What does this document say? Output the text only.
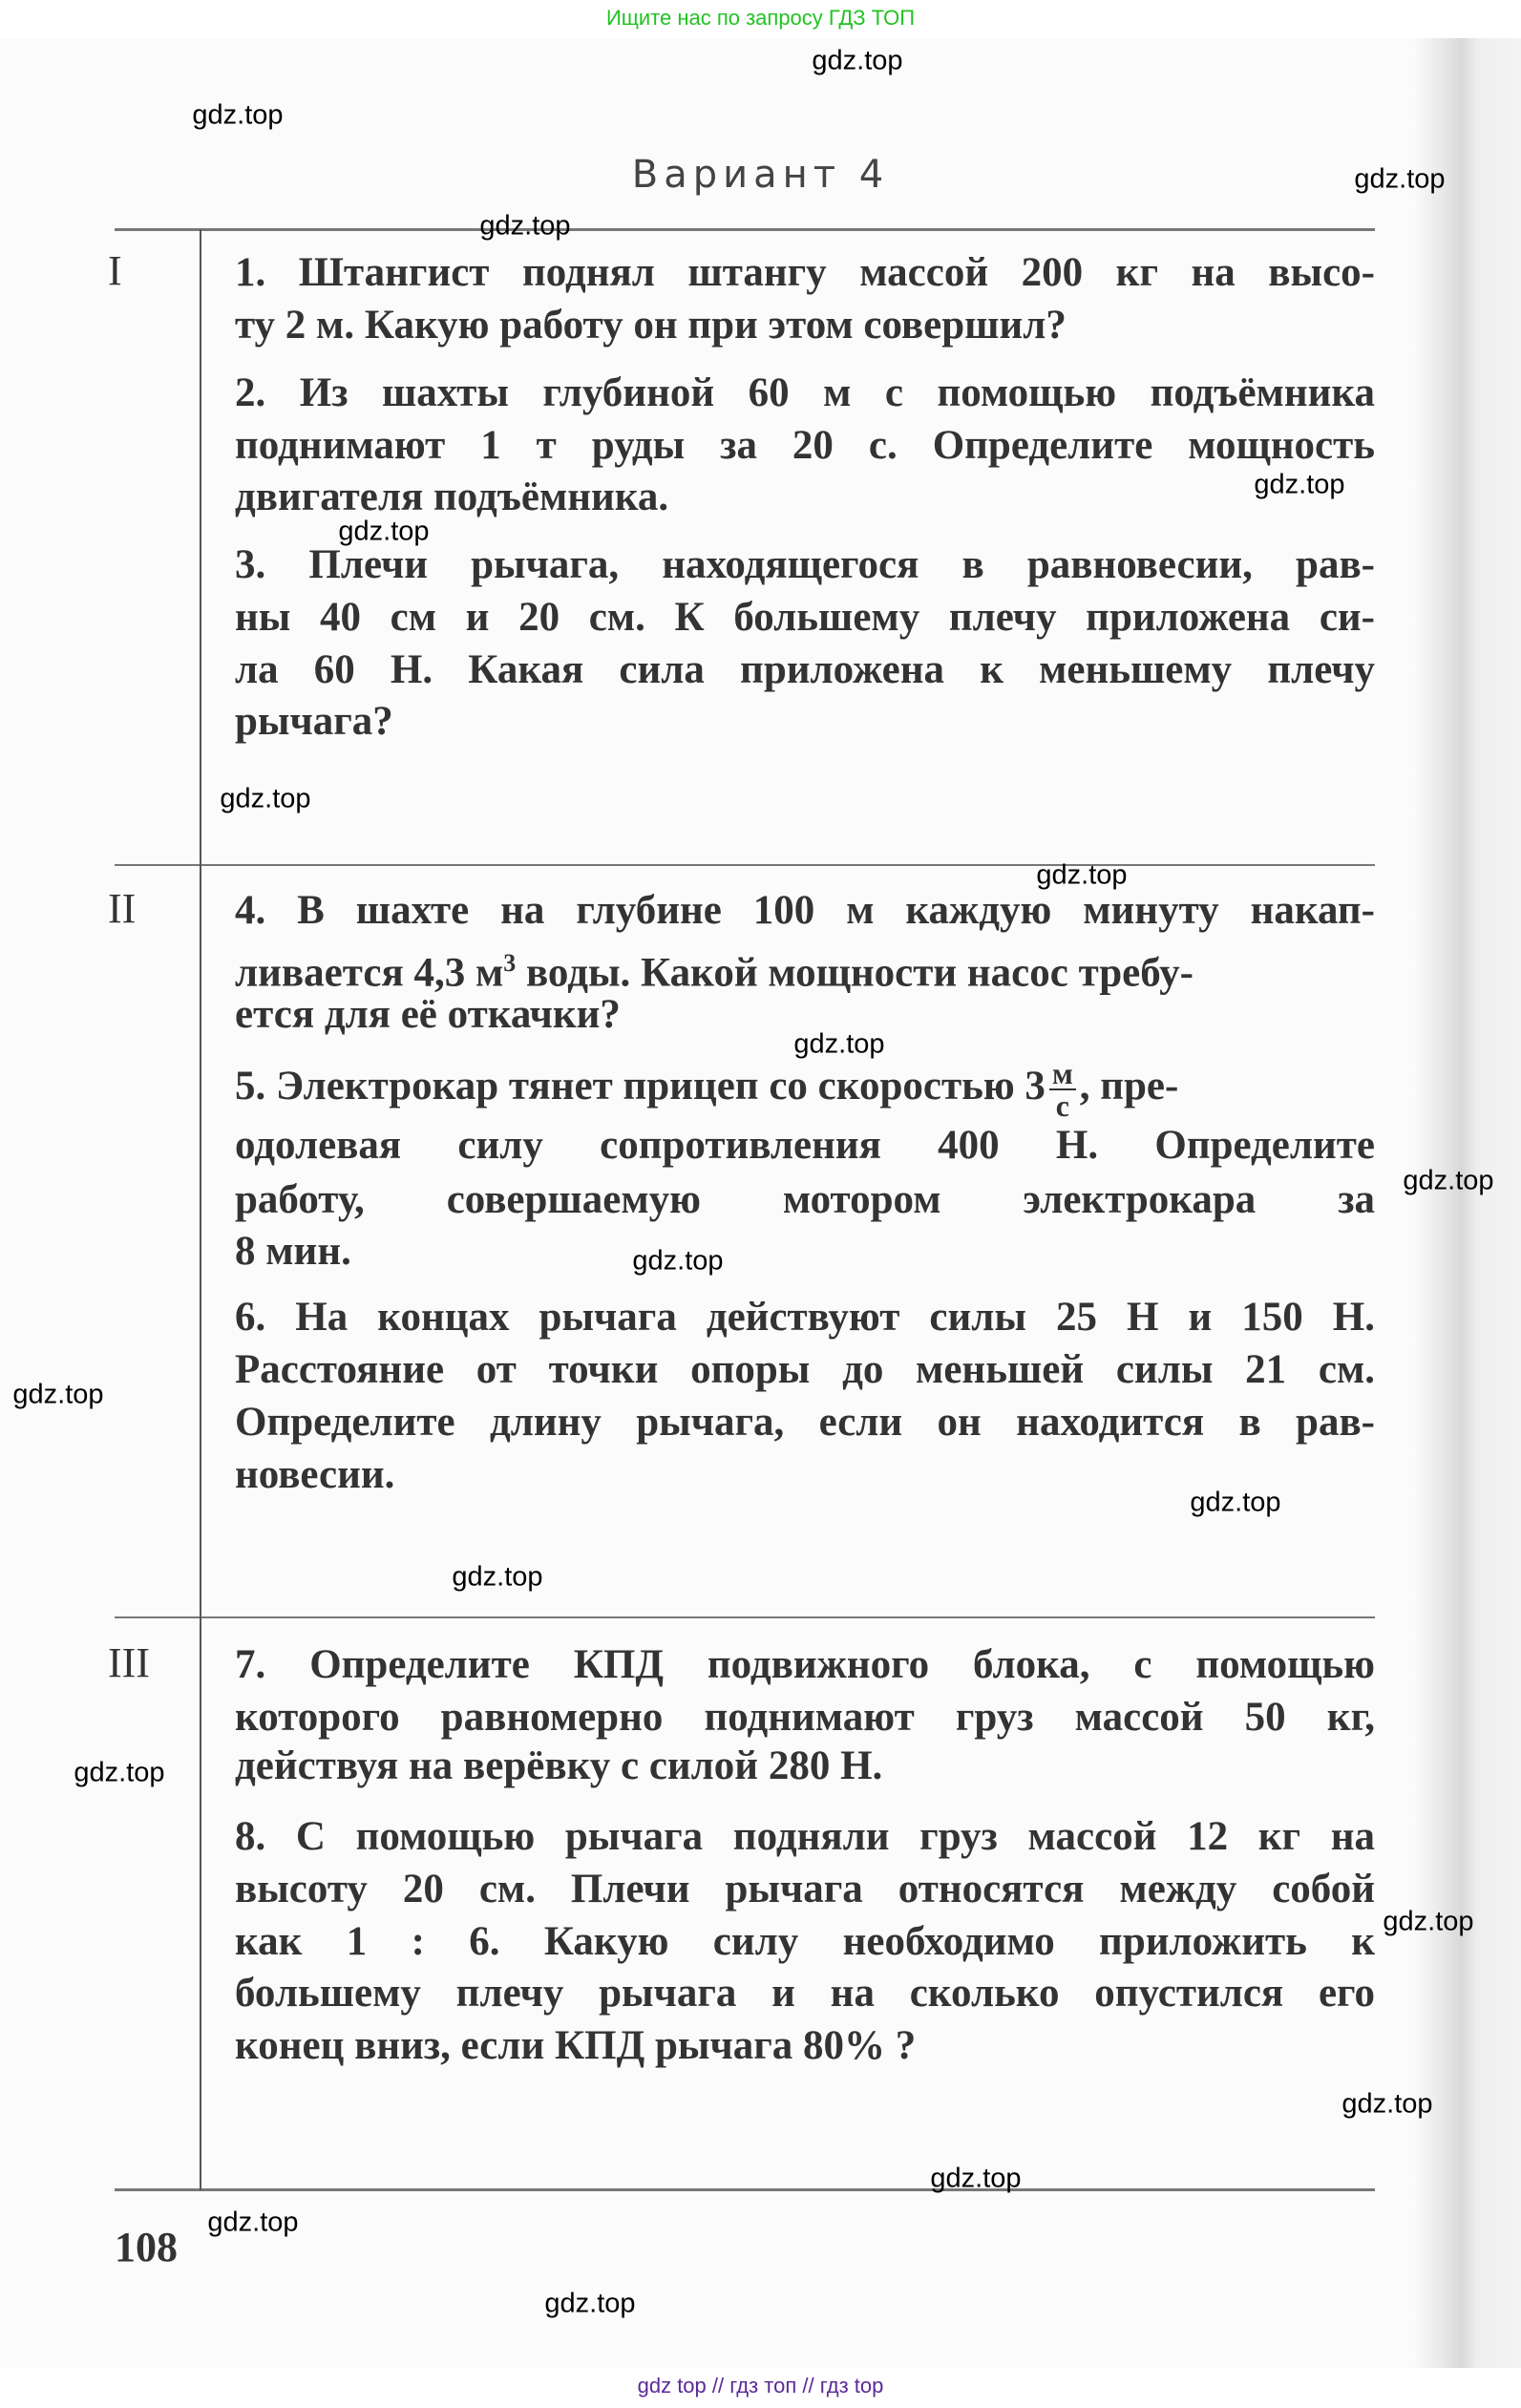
Ищите нас по запросу ГДЗ ТОП
Вариант 4
I
II
III
1. Штангист поднял штангу массой 200 кг на высо-
ту 2 м. Какую работу он при этом совершил?
2. Из шахты глубиной 60 м с помощью подъёмника
поднимают 1 т руды за 20 с. Определите мощность
двигателя подъёмника.
3. Плечи рычага, находящегося в равновесии, рав-
ны 40 см и 20 см. К большему плечу приложена си-
ла 60 Н. Какая сила приложена к меньшему плечу
рычага?
4. В шахте на глубине 100 м каждую минуту накап-
ливается 4,3 $м^3$ воды. Какой мощности насос требу-
ется для её откачки?
5. Электрокар тянет прицеп со скоростью $3 \frac{м}{с}$ , пре-
одолевая силу сопротивления 400 Н. Определите
работу, совершаемую мотором электрокара за
8 мин.
6. На концах рычага действуют силы 25 Н и 150 Н.
Расстояние от точки опоры до меньшей силы 21 см.
Определите длину рычага, если он находится в рав-
новесии.
7. Определите КПД подвижного блока, с помощью
которого равномерно поднимают груз массой 50 кг,
действуя на верёвку с силой 280 Н.
8. С помощью рычага подняли груз массой 12 кг на
высоту 20 см. Плечи рычага относятся между собой
как 1 : 6. Какую силу необходимо приложить к
большему плечу рычага и на сколько опустился его
конец вниз, если КПД рычага 80% ?
108
gdz.top
gdz.top
gdz.top
gdz.top
gdz.top
gdz.top
gdz.top
gdz.top
gdz.top
gdz.top
gdz.top
gdz.top
gdz.top
gdz.top
gdz.top
gdz.top
gdz.top
gdz.top
gdz.top
gdz.top
gdz top // гдз топ // гдз top
